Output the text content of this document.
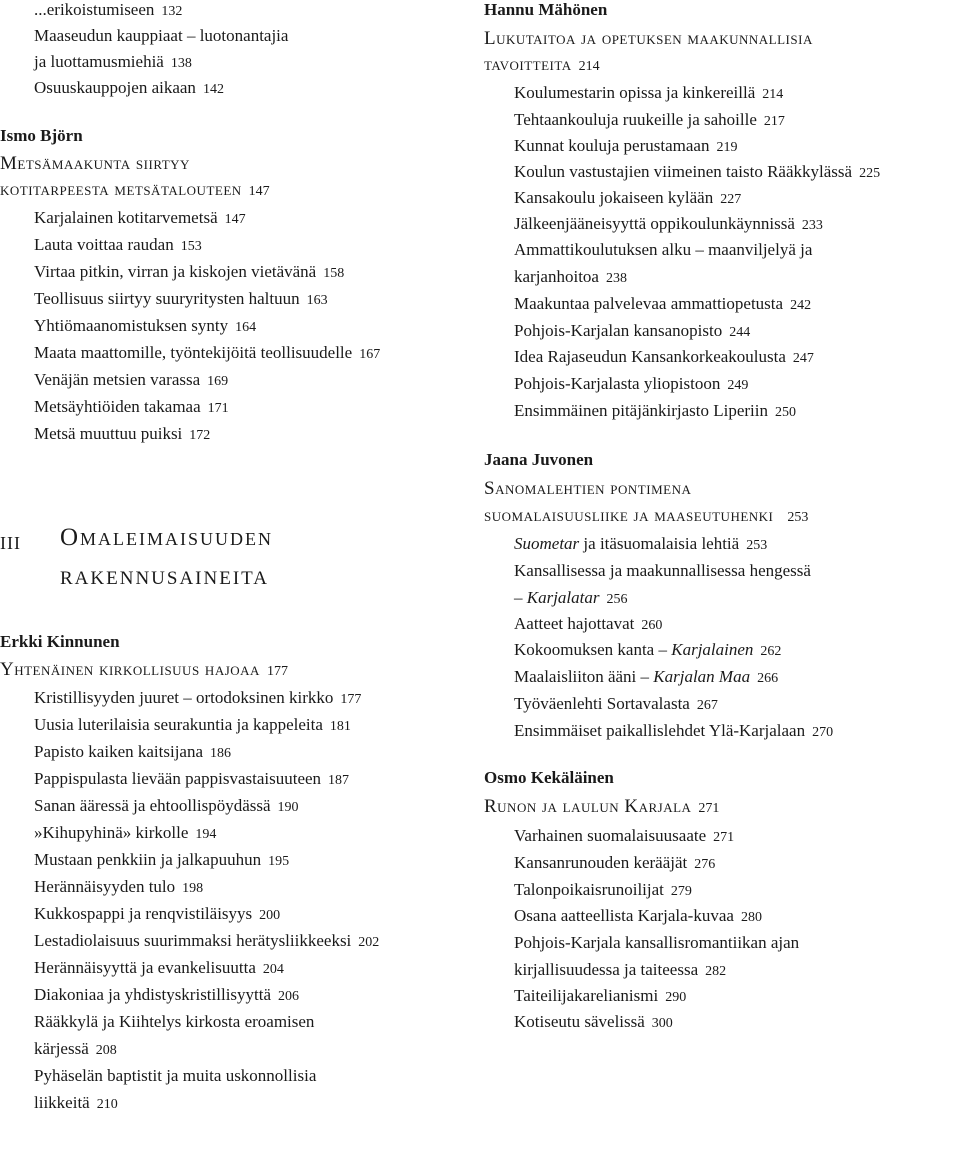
...erikoistumiseen 132
Maaseudun kauppiaat – luotonantajia
ja luottamusmiehiä 138
Osuuskauppojen aikaan 142
Ismo Björn
Metsämaakunta siirtyy
kotitarpeesta metsätalouteen 147
Karjalainen kotitarvemetsä 147
Lauta voittaa raudan 153
Virtaa pitkin, virran ja kiskojen vietävänä 158
Teollisuus siirtyy suuryritysten haltuun 163
Yhtiömaanomistuksen synty 164
Maata maattomille, työntekijöitä teollisuudelle 167
Venäjän metsien varassa 169
Metsäyhtiöiden takamaa 171
Metsä muuttuu puiksi 172
III Omaleimaisuuden
RAKENNUSAINEITA
Erkki Kinnunen
Yhtenäinen kirkollisuus hajoaa 177
Kristillisyyden juuret – ortodoksinen kirkko 177
Uusia luterilaisia seurakuntia ja kappeleita 181
Papisto kaiken kaitsijana 186
Pappispulasta lievään pappisvastaisuuteen 187
Sanan ääressä ja ehtoollispöydässä 190
»Kihupyhinä» kirkolle 194
Mustaan penkkiin ja jalkapuuhun 195
Herännäisyyden tulo 198
Kukkospappi ja renqvistiläisyys 200
Lestadiolaisuus suurimmaksi herätysliikkeeksi 202
Herännäisyyttä ja evankelisuutta 204
Diakoniaa ja yhdistyskristillisyyttä 206
Rääkkylä ja Kiihtelys kirkosta eroamisen
kärjessä 208
Pyhäselän baptistit ja muita uskonnollisia
liikkeitä 210
Hannu Mähönen
Lukutaitoa ja opetuksen maakunnallisia
tavoitteita 214
Koulumestarin opissa ja kinkereillä 214
Tehtaankouluja ruukeille ja sahoille 217
Kunnat kouluja perustamaan 219
Koulun vastustajien viimeinen taisto Rääkkylässä 225
Kansakoulu jokaiseen kylään 227
Jälkeenjääneisyyttä oppikoulunkäynnissä 233
Ammattikoulutuksen alku – maanviljelyä ja
karjanhoitoa 238
Maakuntaa palvelevaa ammattiopetusta 242
Pohjois-Karjalan kansanopisto 244
Idea Rajaseudun Kansankorkeakoulusta 247
Pohjois-Karjalasta yliopistoon 249
Ensimmäinen pitäjänkirjasto Liperiin 250
Jaana Juvonen
Sanomalehtien pontimena
suomalaisuusliike ja maaseutuhenki 253
Suometar ja itäsuomalaisia lehtiä 253
Kansallisessa ja maakunnallisessa hengessä
– Karjalatar 256
Aatteet hajottavat 260
Kokoomuksen kanta – Karjalainen 262
Maalaisliiton ääni – Karjalan Maa 266
Työväenlehti Sortavalasta 267
Ensimmäiset paikallislehdet Ylä-Karjalaan 270
Osmo Kekäläinen
Runon ja laulun Karjala 271
Varhainen suomalaisuusaate 271
Kansanrunouden kerääjät 276
Talonpoikaisrunoilijat 279
Osana aatteellista Karjala-kuvaa 280
Pohjois-Karjala kansallisromantiikan ajan
kirjallisuudessa ja taiteessa 282
Taiteilijakarelianismi 290
Kotiseutu sävelissä 300
